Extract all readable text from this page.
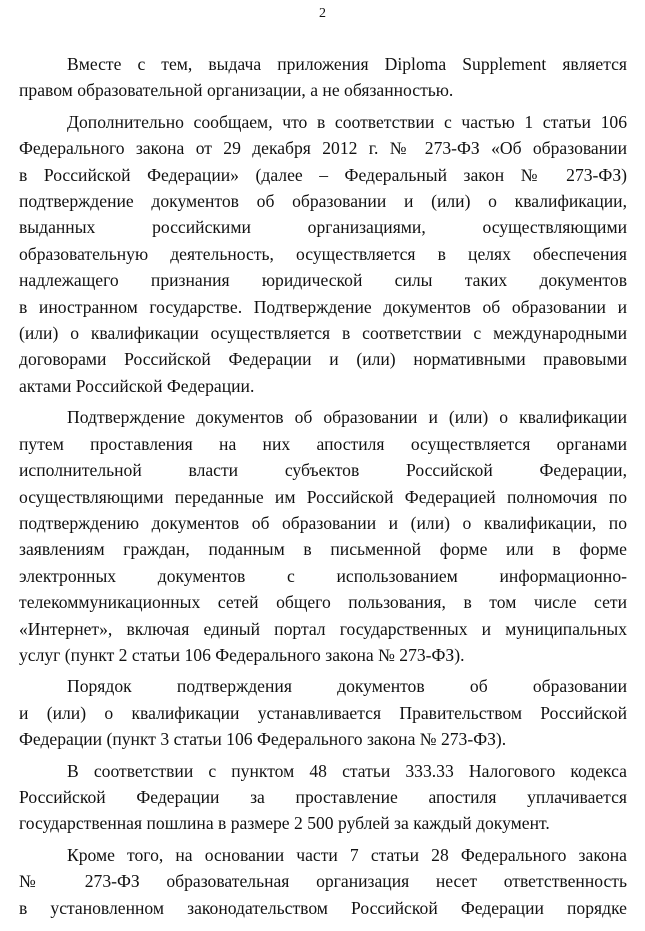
2

Вместе с тем, выдача приложения Diploma Supplement является
правом образовательной организации, а не обязанностью.

Дополнительно сообщаем, что в соответствии с частью 1 статьи 106
Федерального закона от 29 декабря 2012 г. № 273-ФЗ «Об образовании
в Российской Федерации» (далее – Федеральный закон № 273-ФЗ)
подтверждение документов об образовании и (или) о квалификации,
выданных российскими организациями, осуществляющими
образовательную деятельность, осуществляется в целях обеспечения
надлежащего признания юридической силы таких документов
в иностранном государстве. Подтверждение документов об образовании и
(или) о квалификации осуществляется в соответствии с международными
договорами Российской Федерации и (или) нормативными правовыми
актами Российской Федерации.

Подтверждение документов об образовании и (или) о квалификации
путем проставления на них апостиля осуществляется органами
исполнительной власти субъектов Российской Федерации,
осуществляющими переданные им Российской Федерацией полномочия по
подтверждению документов об образовании и (или) о квалификации, по
заявлениям граждан, поданным в письменной форме или в форме
электронных документов с использованием информационно-
телекоммуникационных сетей общего пользования, в том числе сети
«Интернет», включая единый портал государственных и муниципальных
услуг (пункт 2 статьи 106 Федерального закона № 273-ФЗ).

Порядок подтверждения документов об образовании
и (или) о квалификации устанавливается Правительством Российской
Федерации (пункт 3 статьи 106 Федерального закона № 273-ФЗ).

В соответствии с пунктом 48 статьи 333.33 Налогового кодекса
Российской Федерации за проставление апостиля уплачивается
государственная пошлина в размере 2 500 рублей за каждый документ.

Кроме того, на основании части 7 статьи 28 Федерального закона
№ 273-ФЗ образовательная организация несет ответственность
в установленном законодательством Российской Федерации порядке
